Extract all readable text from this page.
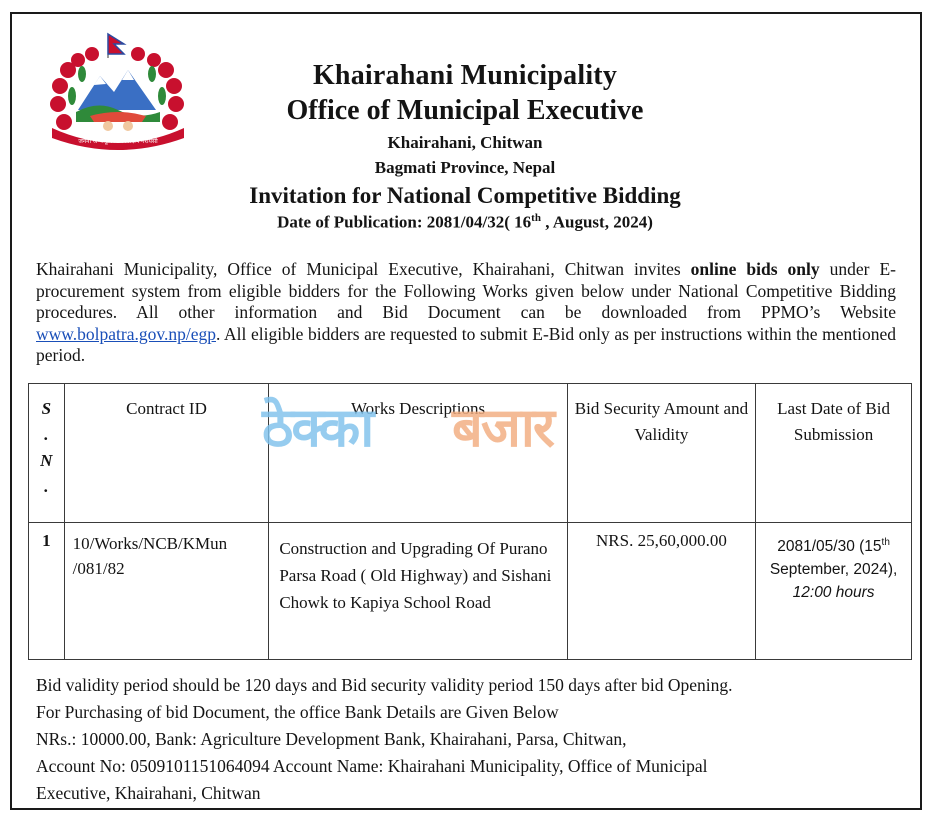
जननी जन्मभूमिश्च स्वर्गादपि गरीयसी
Khairahani Municipality
Office of Municipal Executive
Khairahani, Chitwan
Bagmati Province, Nepal
Invitation for National Competitive Bidding
Date of Publication: 2081/04/32( 16th , August, 2024)

Khairahani Municipality, Office of Municipal Executive, Khairahani, Chitwan invites online bids only under E-procurement system from eligible bidders for the Following Works given below under National Competitive Bidding procedures. All other information and Bid Document can be downloaded from PPMO’s Website www.bolpatra.gov.np/egp. All eligible bidders are requested to submit E-Bid only as per instructions within the mentioned period.

S
.
N
.	Contract ID	Works Descriptions	Bid Security Amount and Validity	Last Date of Bid Submission
1	10/Works/NCB/KMun /081/82	Construction and Upgrading Of Purano Parsa Road ( Old Highway) and Sishani Chowk to Kapiya School Road	NRS. 25,60,000.00	2081/05/30 (15th September, 2024), 12:00 hours
ठेक्का बजार
Bid validity period should be 120 days and Bid security validity period 150 days after bid Opening.
For Purchasing of bid Document, the office Bank Details are Given Below
NRs.: 10000.00, Bank: Agriculture Development Bank, Khairahani, Parsa, Chitwan,
Account No: 0509101151064094 Account Name: Khairahani Municipality, Office of Municipal
Executive, Khairahani, Chitwan
